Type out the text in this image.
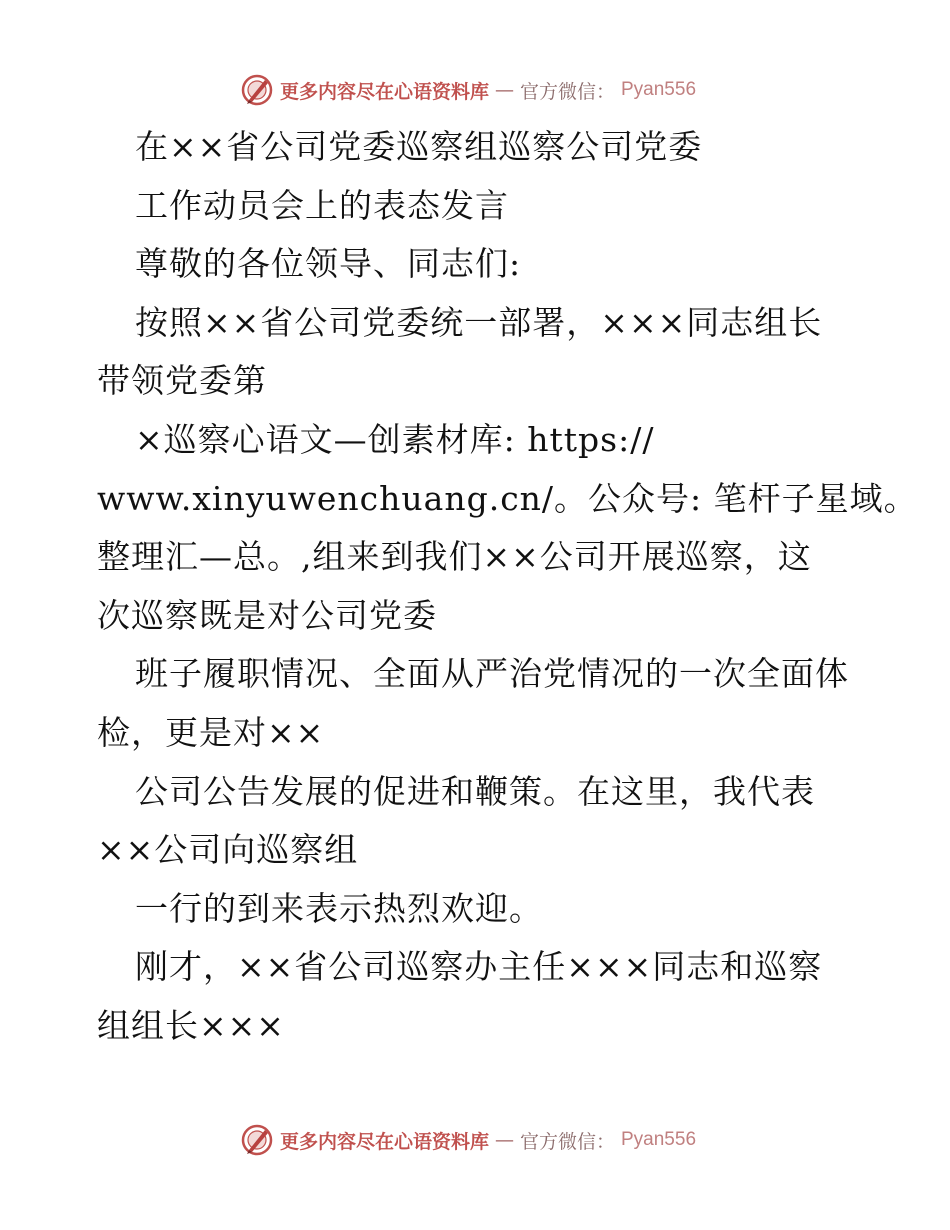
更多内容尽在心语资料库 — 官方微信： Pyan556
在××省公司党委巡察组巡察公司党委
工作动员会上的表态发言
尊敬的各位领导、同志们:
按照××省公司党委统一部署，×××同志组长
带领党委第
×巡察心语文—创素材库: https://
www.xinyuwenchuang.cn/。公众号: 笔杆子星域。
整理汇—总。,组来到我们××公司开展巡察，这
次巡察既是对公司党委
班子履职情况、全面从严治党情况的一次全面体
检，更是对××
公司公告发展的促进和鞭策。在这里，我代表
××公司向巡察组
一行的到来表示热烈欢迎。
刚才，××省公司巡察办主任×××同志和巡察
组组长×××
更多内容尽在心语资料库 — 官方微信： Pyan556
